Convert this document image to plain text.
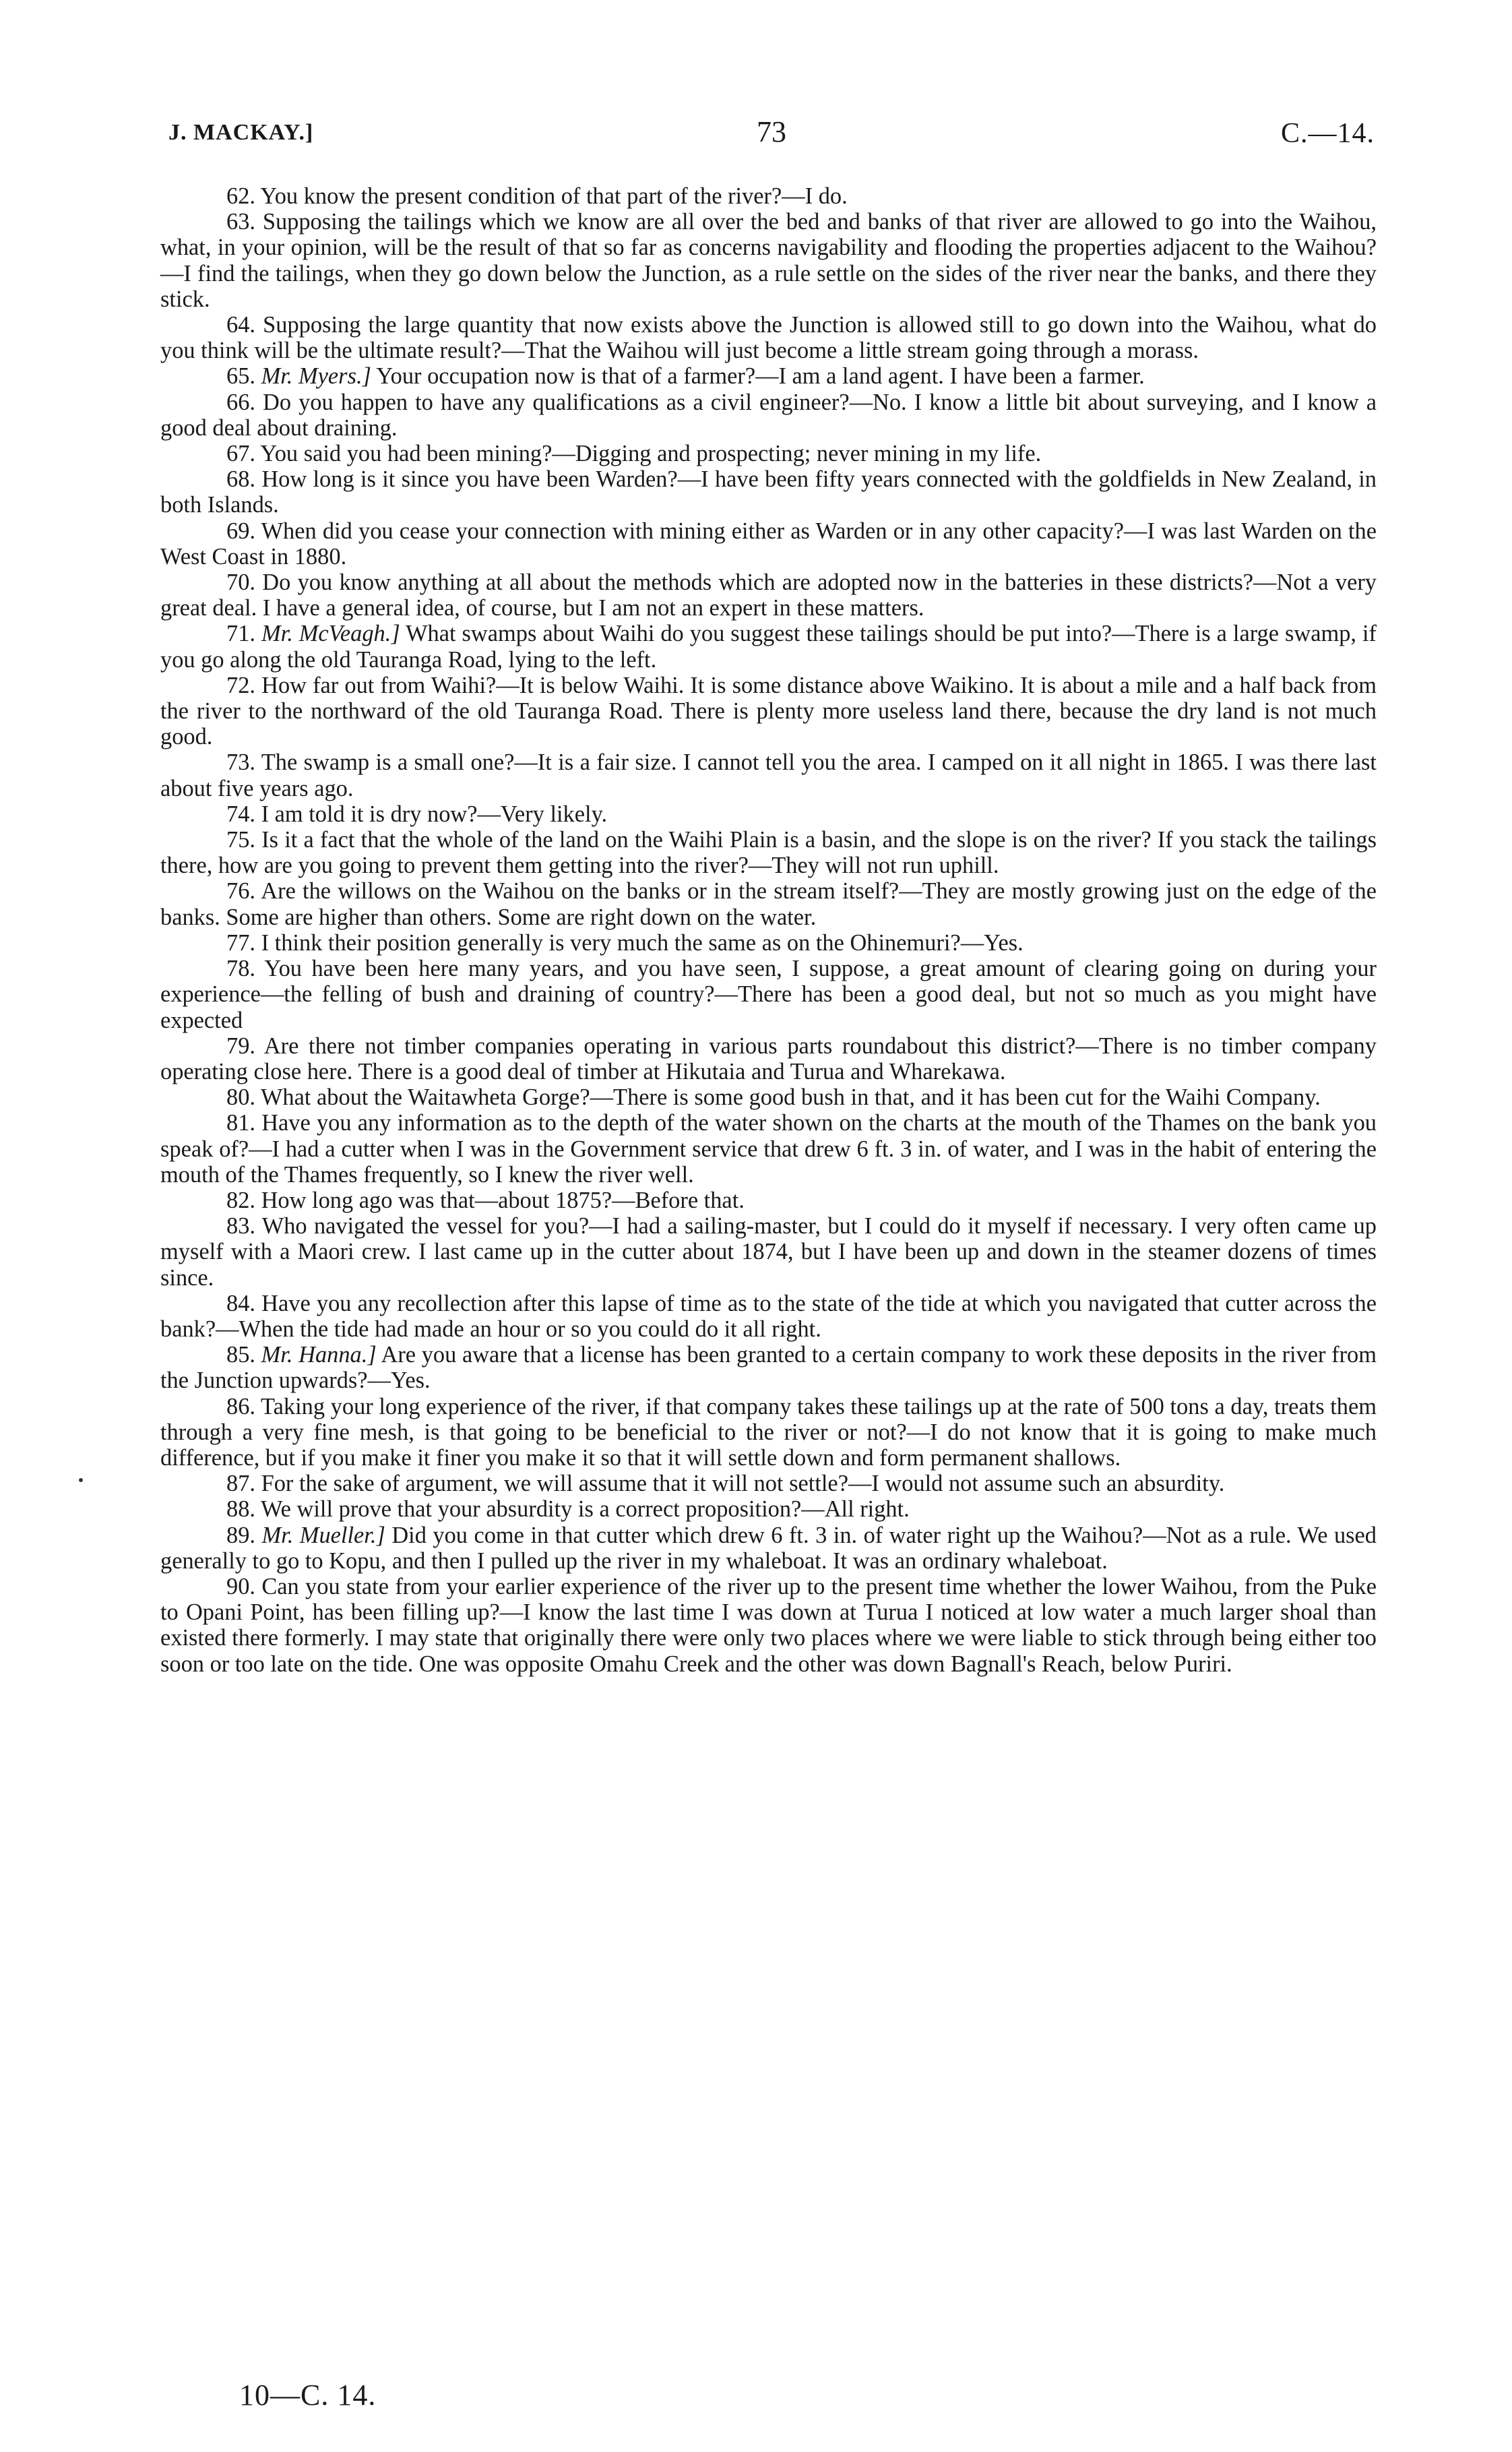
J. MACKAY.]	73	C.—14.

62. You know the present condition of that part of the river?—I do.

63. Supposing the tailings which we know are all over the bed and banks of that river are allowed to go into the Waihou, what, in your opinion, will be the result of that so far as concerns navigability and flooding the properties adjacent to the Waihou?—I find the tailings, when they go down below the Junction, as a rule settle on the sides of the river near the banks, and there they stick.

64. Supposing the large quantity that now exists above the Junction is allowed still to go down into the Waihou, what do you think will be the ultimate result?—That the Waihou will just become a little stream going through a morass.

65. Mr. Myers.] Your occupation now is that of a farmer?—I am a land agent. I have been a farmer.

66. Do you happen to have any qualifications as a civil engineer?—No. I know a little bit about surveying, and I know a good deal about draining.

67. You said you had been mining?—Digging and prospecting; never mining in my life.

68. How long is it since you have been Warden?—I have been fifty years connected with the goldfields in New Zealand, in both Islands.

69. When did you cease your connection with mining either as Warden or in any other capacity?—I was last Warden on the West Coast in 1880.

70. Do you know anything at all about the methods which are adopted now in the batteries in these districts?—Not a very great deal. I have a general idea, of course, but I am not an expert in these matters.

71. Mr. McVeagh.] What swamps about Waihi do you suggest these tailings should be put into?—There is a large swamp, if you go along the old Tauranga Road, lying to the left.

72. How far out from Waihi?—It is below Waihi. It is some distance above Waikino. It is about a mile and a half back from the river to the northward of the old Tauranga Road. There is plenty more useless land there, because the dry land is not much good.

73. The swamp is a small one?—It is a fair size. I cannot tell you the area. I camped on it all night in 1865. I was there last about five years ago.

74. I am told it is dry now?—Very likely.

75. Is it a fact that the whole of the land on the Waihi Plain is a basin, and the slope is on the river? If you stack the tailings there, how are you going to prevent them getting into the river?—They will not run uphill.

76. Are the willows on the Waihou on the banks or in the stream itself?—They are mostly growing just on the edge of the banks. Some are higher than others. Some are right down on the water.

77. I think their position generally is very much the same as on the Ohinemuri?—Yes.

78. You have been here many years, and you have seen, I suppose, a great amount of clearing going on during your experience—the felling of bush and draining of country?—There has been a good deal, but not so much as you might have expected

79. Are there not timber companies operating in various parts roundabout this district?—There is no timber company operating close here. There is a good deal of timber at Hikutaia and Turua and Wharekawa.

80. What about the Waitawheta Gorge?—There is some good bush in that, and it has been cut for the Waihi Company.

81. Have you any information as to the depth of the water shown on the charts at the mouth of the Thames on the bank you speak of?—I had a cutter when I was in the Government service that drew 6 ft. 3 in. of water, and I was in the habit of entering the mouth of the Thames frequently, so I knew the river well.

82. How long ago was that—about 1875?—Before that.

83. Who navigated the vessel for you?—I had a sailing-master, but I could do it myself if necessary. I very often came up myself with a Maori crew. I last came up in the cutter about 1874, but I have been up and down in the steamer dozens of times since.

84. Have you any recollection after this lapse of time as to the state of the tide at which you navigated that cutter across the bank?—When the tide had made an hour or so you could do it all right.

85. Mr. Hanna.] Are you aware that a license has been granted to a certain company to work these deposits in the river from the Junction upwards?—Yes.

86. Taking your long experience of the river, if that company takes these tailings up at the rate of 500 tons a day, treats them through a very fine mesh, is that going to be beneficial to the river or not?—I do not know that it is going to make much difference, but if you make it finer you make it so that it will settle down and form permanent shallows.

87. For the sake of argument, we will assume that it will not settle?—I would not assume such an absurdity.

88. We will prove that your absurdity is a correct proposition?—All right.

89. Mr. Mueller.] Did you come in that cutter which drew 6 ft. 3 in. of water right up the Waihou?—Not as a rule. We used generally to go to Kopu, and then I pulled up the river in my whaleboat. It was an ordinary whaleboat.

90. Can you state from your earlier experience of the river up to the present time whether the lower Waihou, from the Puke to Opani Point, has been filling up?—I know the last time I was down at Turua I noticed at low water a much larger shoal than existed there formerly. I may state that originally there were only two places where we were liable to stick through being either too soon or too late on the tide. One was opposite Omahu Creek and the other was down Bagnall's Reach, below Puriri.

10—C. 14.
